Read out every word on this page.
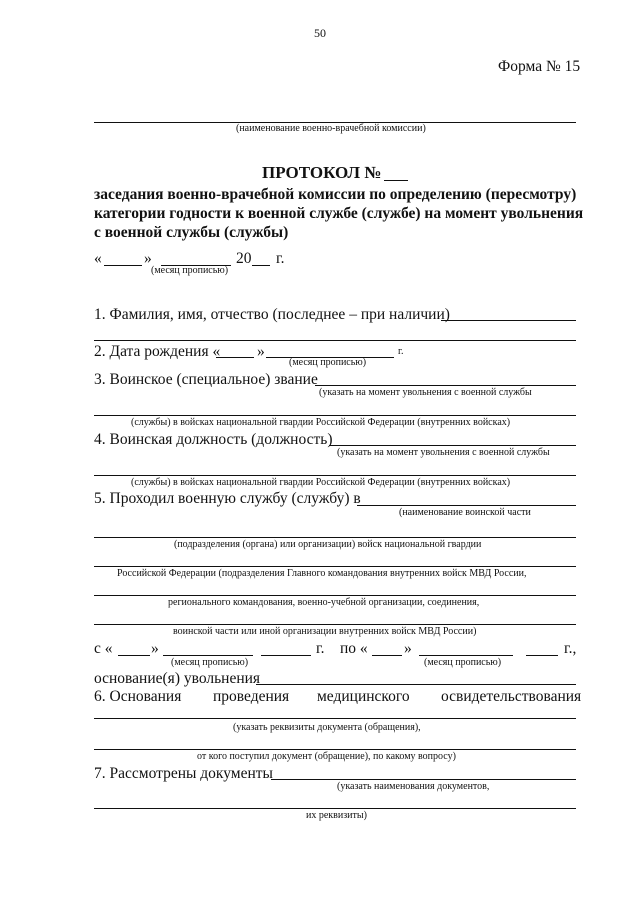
50
Форма № 15
(наименование военно-врачебной комиссии)
ПРОТОКОЛ №
заседания военно-врачебной комиссии по определению (пересмотру)
категории годности к военной службе (службе) на момент увольнения
с военной службы (службы)
«	»	20 г.
(месяц прописью)
1. Фамилия, имя, отчество (последнее – при наличии)
2. Дата рождения « »	г.
(месяц прописью)
3. Воинское (специальное) звание
(указать на момент увольнения с военной службы
(службы) в войсках национальной гвардии Российской Федерации (внутренних войсках)
4. Воинская должность (должность)
(указать на момент увольнения с военной службы
(службы) в войсках национальной гвардии Российской Федерации (внутренних войсках)
5. Проходил военную службу (службу) в
(наименование воинской части
(подразделения (органа) или организации) войск национальной гвардии
Российской Федерации (подразделения Главного командования внутренних войск МВД России,
регионального командования, военно-учебной организации, соединения,
воинской части или иной организации внутренних войск МВД России)
с « »	г. по « »	г.,
(месяц прописью)	(месяц прописью)
основание(я) увольнения
6. Основания проведения медицинского освидетельствования
(указать реквизиты документа (обращения),
от кого поступил документ (обращение), по какому вопросу)
7. Рассмотрены документы
(указать наименования документов,
их реквизиты)
